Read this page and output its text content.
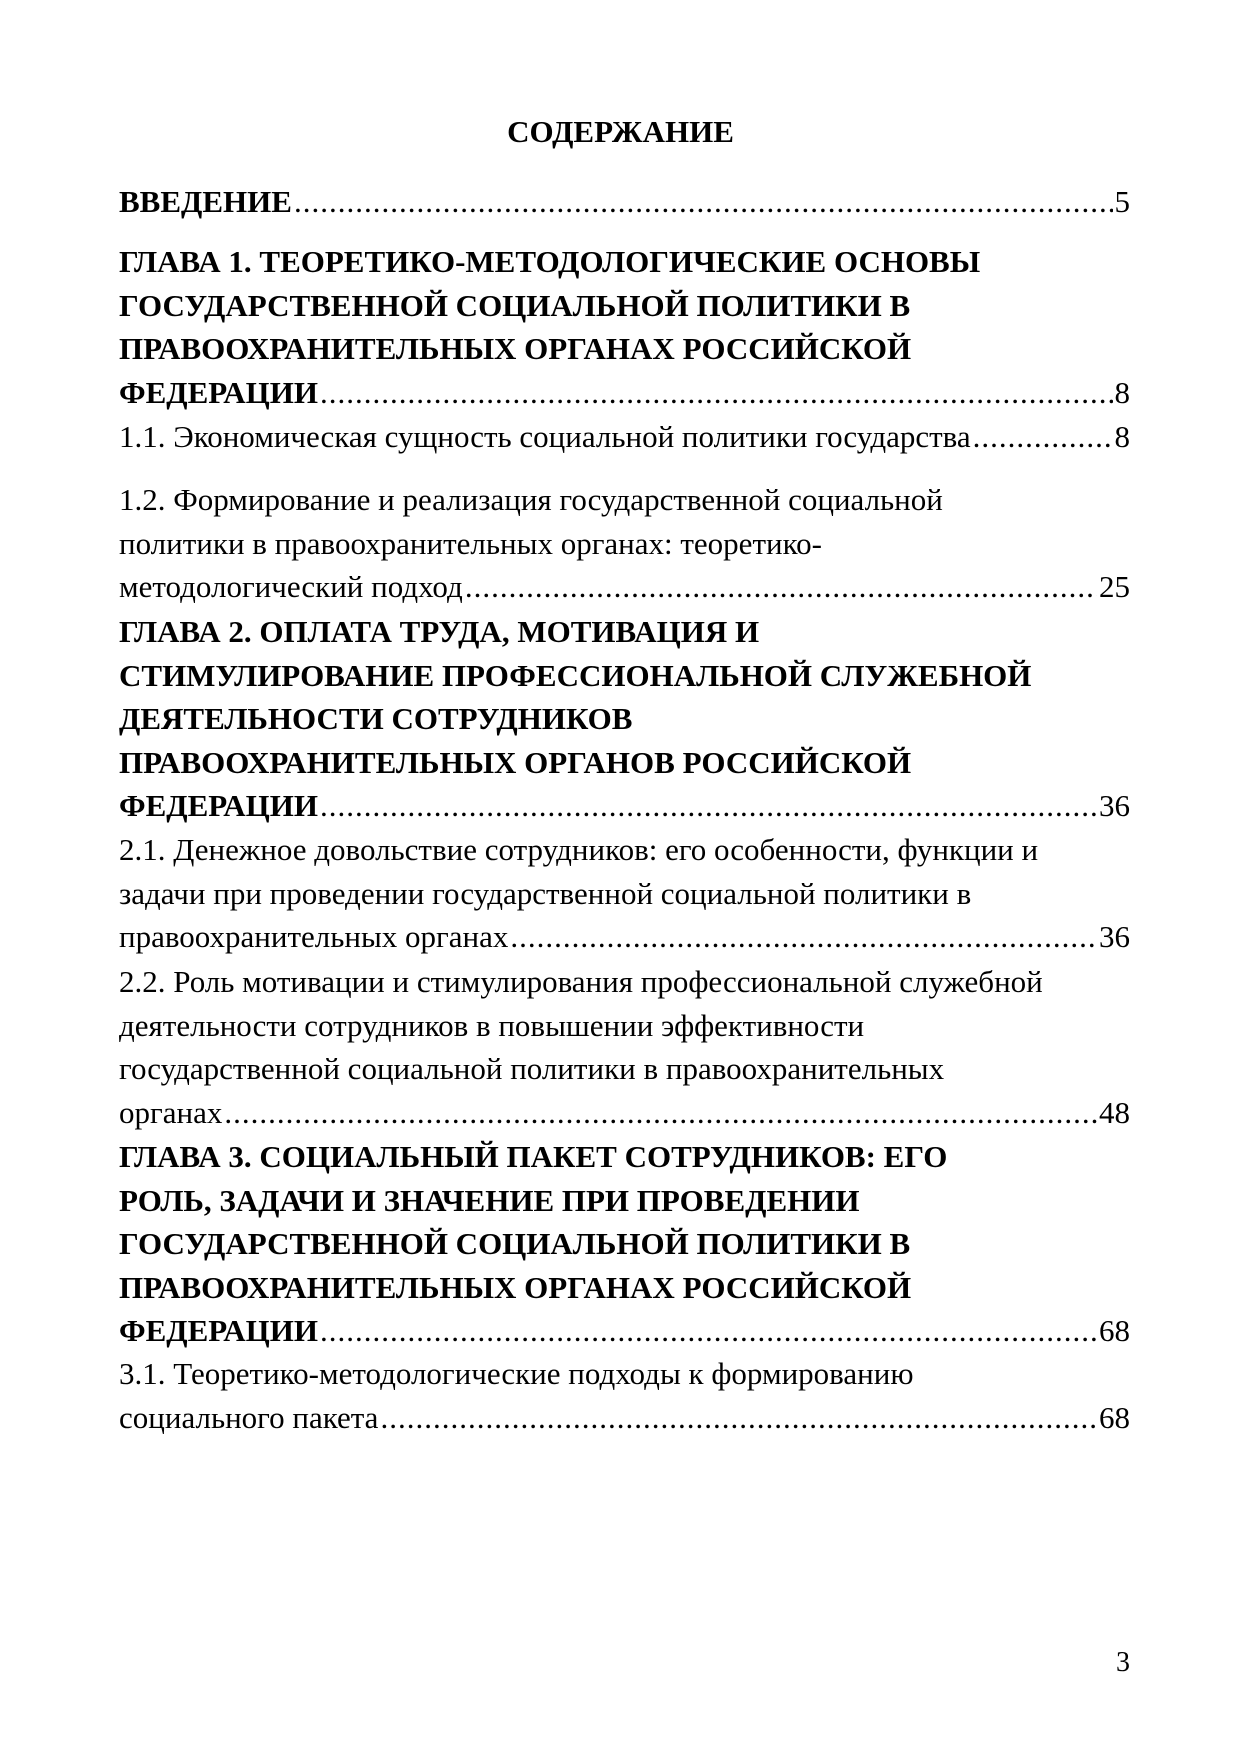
СОДЕРЖАНИЕ
ВВЕДЕНИЕ .....	5
ГЛАВА 1. ТЕОРЕТИКО-МЕТОДОЛОГИЧЕСКИЕ ОСНОВЫ
ГОСУДАРСТВЕННОЙ СОЦИАЛЬНОЙ ПОЛИТИКИ В
ПРАВООХРАНИТЕЛЬНЫХ ОРГАНАХ РОССИЙСКОЙ
ФЕДЕРАЦИИ .....	8
1.1. Экономическая сущность социальной политики государства .....	8
1.2. Формирование и реализация государственной социальной
политики в правоохранительных органах: теоретико-
методологический подход .....	25
ГЛАВА 2. ОПЛАТА ТРУДА, МОТИВАЦИЯ И
СТИМУЛИРОВАНИЕ ПРОФЕССИОНАЛЬНОЙ СЛУЖЕБНОЙ
ДЕЯТЕЛЬНОСТИ СОТРУДНИКОВ
ПРАВООХРАНИТЕЛЬНЫХ ОРГАНОВ РОССИЙСКОЙ
ФЕДЕРАЦИИ .....	36
2.1. Денежное довольствие сотрудников: его особенности, функции и
задачи при проведении государственной социальной политики в
правоохранительных органах .....	36
2.2. Роль мотивации и стимулирования профессиональной служебной
деятельности сотрудников в повышении эффективности
государственной социальной политики в правоохранительных
органах .....	48
ГЛАВА 3. СОЦИАЛЬНЫЙ ПАКЕТ СОТРУДНИКОВ: ЕГО
РОЛЬ, ЗАДАЧИ И ЗНАЧЕНИЕ ПРИ ПРОВЕДЕНИИ
ГОСУДАРСТВЕННОЙ СОЦИАЛЬНОЙ ПОЛИТИКИ В
ПРАВООХРАНИТЕЛЬНЫХ ОРГАНАХ РОССИЙСКОЙ
ФЕДЕРАЦИИ .....	68
3.1. Теоретико-методологические подходы к формированию
социального пакета .....	68
3
